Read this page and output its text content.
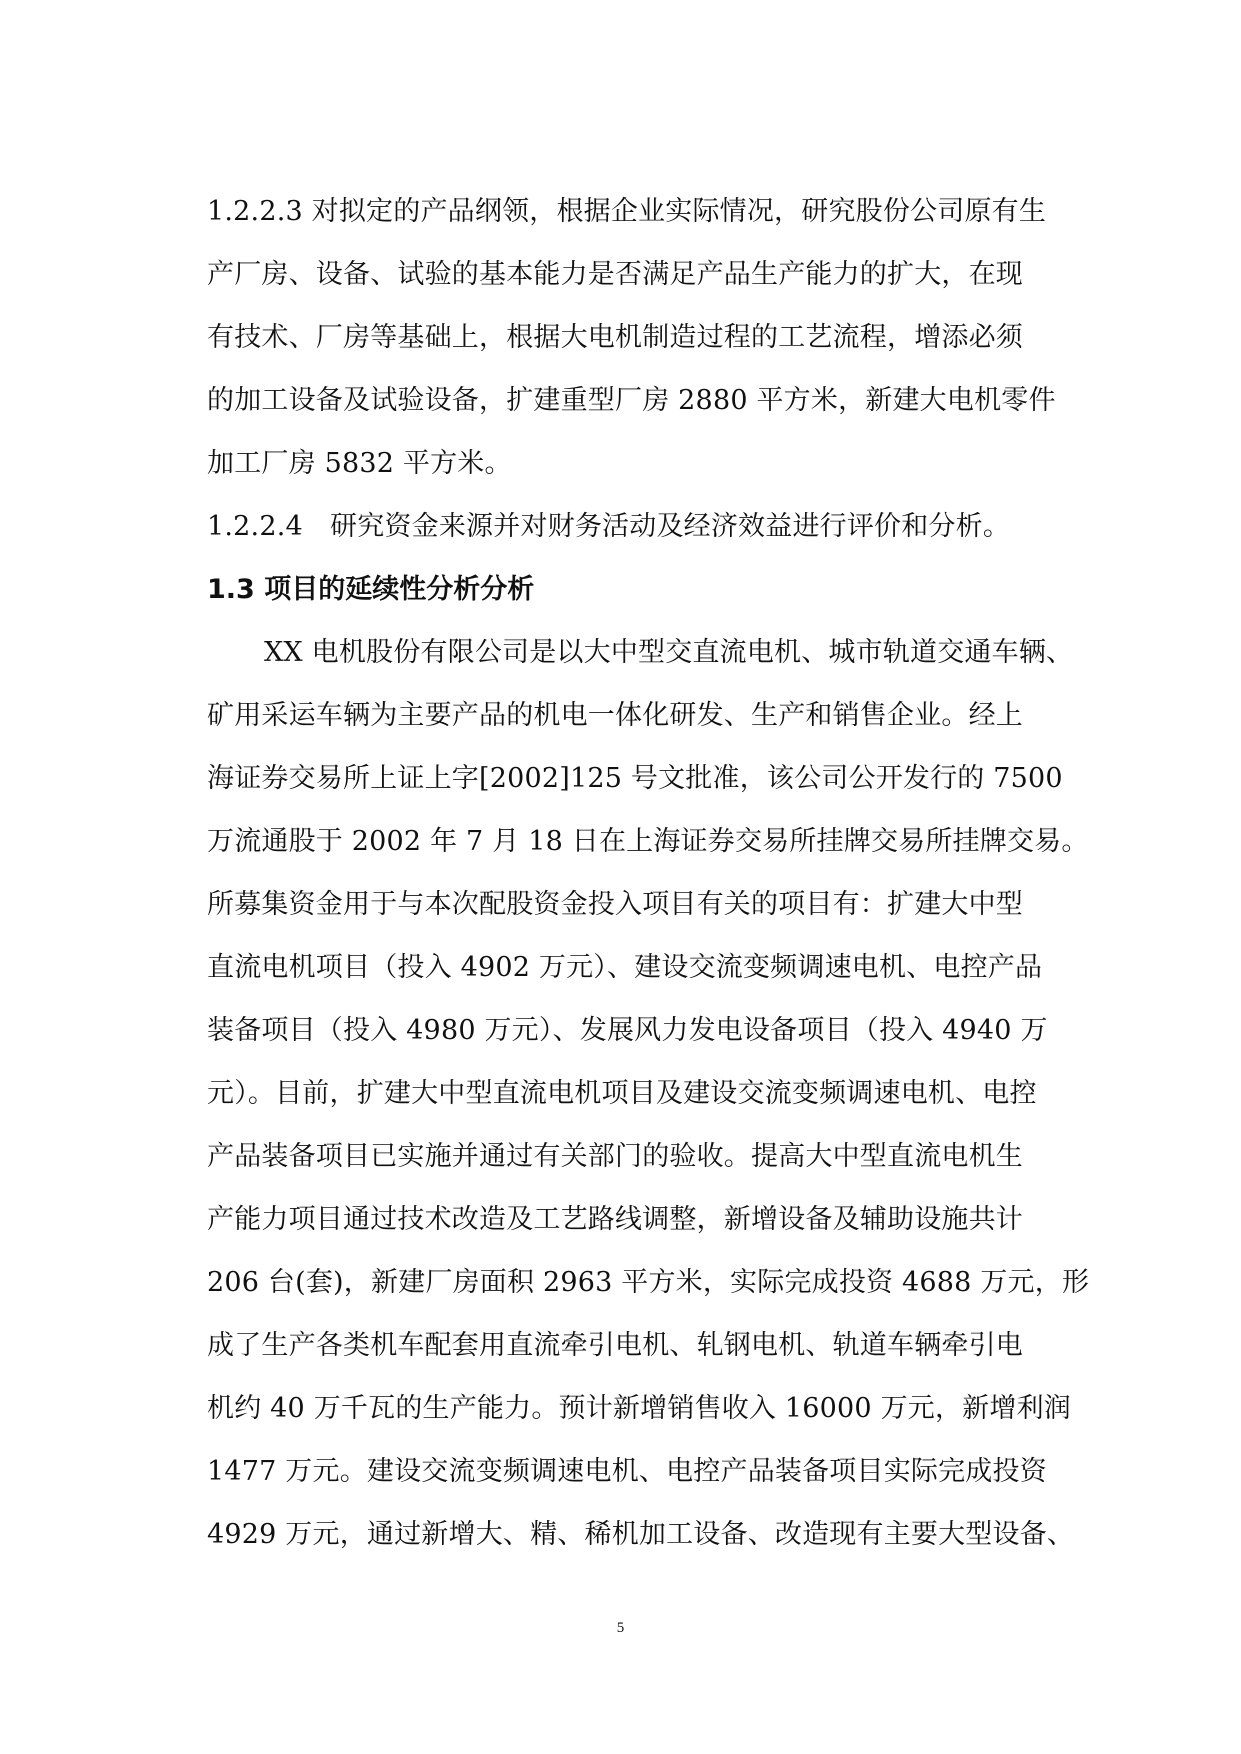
1.2.2.3 对拟定的产品纲领，根据企业实际情况，研究股份公司原有生
产厂房、设备、试验的基本能力是否满足产品生产能力的扩大，在现
有技术、厂房等基础上，根据大电机制造过程的工艺流程，增添必须
的加工设备及试验设备，扩建重型厂房 2880 平方米，新建大电机零件
加工厂房 5832 平方米。
1.2.2.4　研究资金来源并对财务活动及经济效益进行评价和分析。
1.3 项目的延续性分析分析
XX 电机股份有限公司是以大中型交直流电机、城市轨道交通车辆、
矿用采运车辆为主要产品的机电一体化研发、生产和销售企业。经上
海证券交易所上证上字[2002]125 号文批准，该公司公开发行的 7500
万流通股于 2002 年 7 月 18 日在上海证券交易所挂牌交易所挂牌交易。
所募集资金用于与本次配股资金投入项目有关的项目有：扩建大中型
直流电机项目（投入 4902 万元）、建设交流变频调速电机、电控产品
装备项目（投入 4980 万元）、发展风力发电设备项目（投入 4940 万
元）。目前，扩建大中型直流电机项目及建设交流变频调速电机、电控
产品装备项目已实施并通过有关部门的验收。提高大中型直流电机生
产能力项目通过技术改造及工艺路线调整，新增设备及辅助设施共计
206 台(套)，新建厂房面积 2963 平方米，实际完成投资 4688 万元，形
成了生产各类机车配套用直流牵引电机、轧钢电机、轨道车辆牵引电
机约 40 万千瓦的生产能力。预计新增销售收入 16000 万元，新增利润
1477 万元。建设交流变频调速电机、电控产品装备项目实际完成投资
4929 万元，通过新增大、精、稀机加工设备、改造现有主要大型设备、
5
